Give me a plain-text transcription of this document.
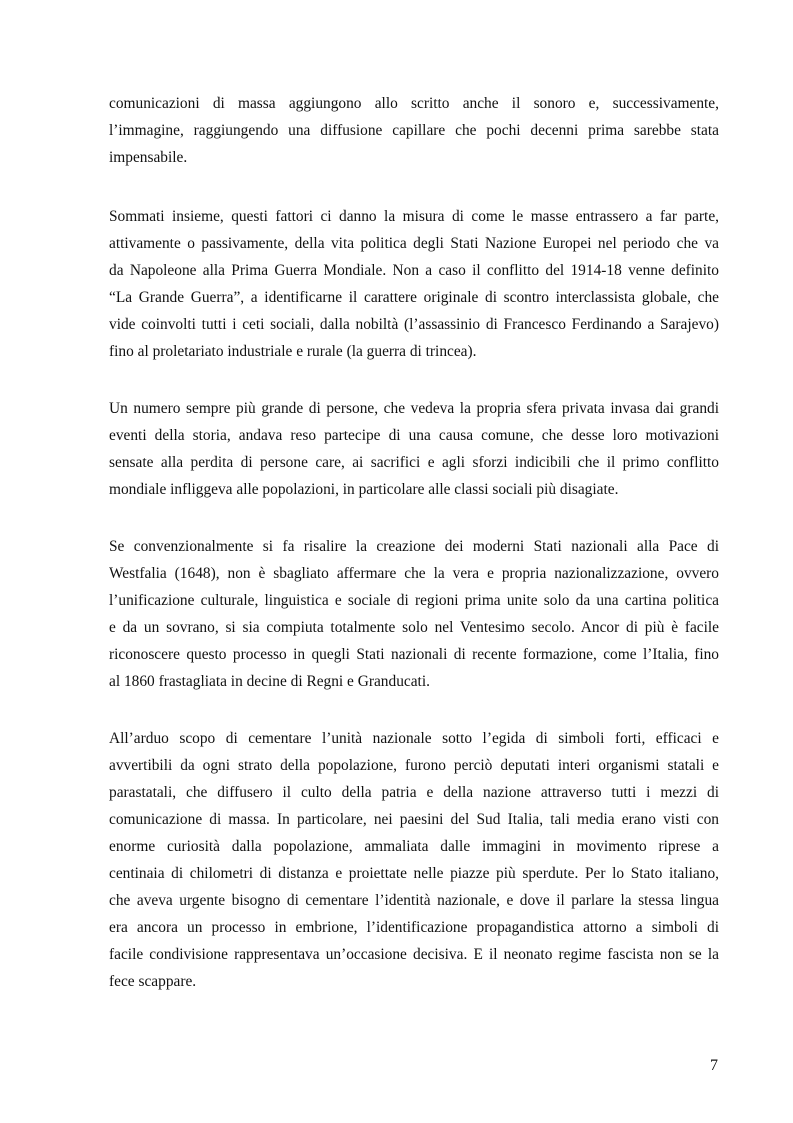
comunicazioni di massa aggiungono allo scritto anche il sonoro e, successivamente,
l’immagine, raggiungendo una diffusione capillare che pochi decenni prima sarebbe stata
impensabile.
Sommati insieme, questi fattori ci danno la misura di come le masse entrassero a far parte,
attivamente o passivamente, della vita politica degli Stati Nazione Europei nel periodo che va
da Napoleone alla Prima Guerra Mondiale. Non a caso il conflitto del 1914-18 venne definito
“La Grande Guerra”, a identificarne il carattere originale di scontro interclassista globale, che
vide coinvolti tutti i ceti sociali, dalla nobiltà (l’assassinio di Francesco Ferdinando a Sarajevo)
fino al proletariato industriale e rurale (la guerra di trincea).
Un numero sempre più grande di persone, che vedeva la propria sfera privata invasa dai grandi
eventi della storia, andava reso partecipe di una causa comune, che desse loro motivazioni
sensate alla perdita di persone care, ai sacrifici e agli sforzi indicibili che il primo conflitto
mondiale infliggeva alle popolazioni, in particolare alle classi sociali più disagiate.
Se convenzionalmente si fa risalire la creazione dei moderni Stati nazionali alla Pace di
Westfalia (1648), non è sbagliato affermare che la vera e propria nazionalizzazione, ovvero
l’unificazione culturale, linguistica e sociale di regioni prima unite solo da una cartina politica
e da un sovrano, si sia compiuta totalmente solo nel Ventesimo secolo. Ancor di più è facile
riconoscere questo processo in quegli Stati nazionali di recente formazione, come l’Italia, fino
al 1860 frastagliata in decine di Regni e Granducati.
All’arduo scopo di cementare l’unità nazionale sotto l’egida di simboli forti, efficaci e
avvertibili da ogni strato della popolazione, furono perciò deputati interi organismi statali e
parastatali, che diffusero il culto della patria e della nazione attraverso tutti i mezzi di
comunicazione di massa. In particolare, nei paesini del Sud Italia, tali media erano visti con
enorme curiosità dalla popolazione, ammaliata dalle immagini in movimento riprese a
centinaia di chilometri di distanza e proiettate nelle piazze più sperdute. Per lo Stato italiano,
che aveva urgente bisogno di cementare l’identità nazionale, e dove il parlare la stessa lingua
era ancora un processo in embrione, l’identificazione propagandistica attorno a simboli di
facile condivisione rappresentava un’occasione decisiva. E il neonato regime fascista non se la
fece scappare.
7
